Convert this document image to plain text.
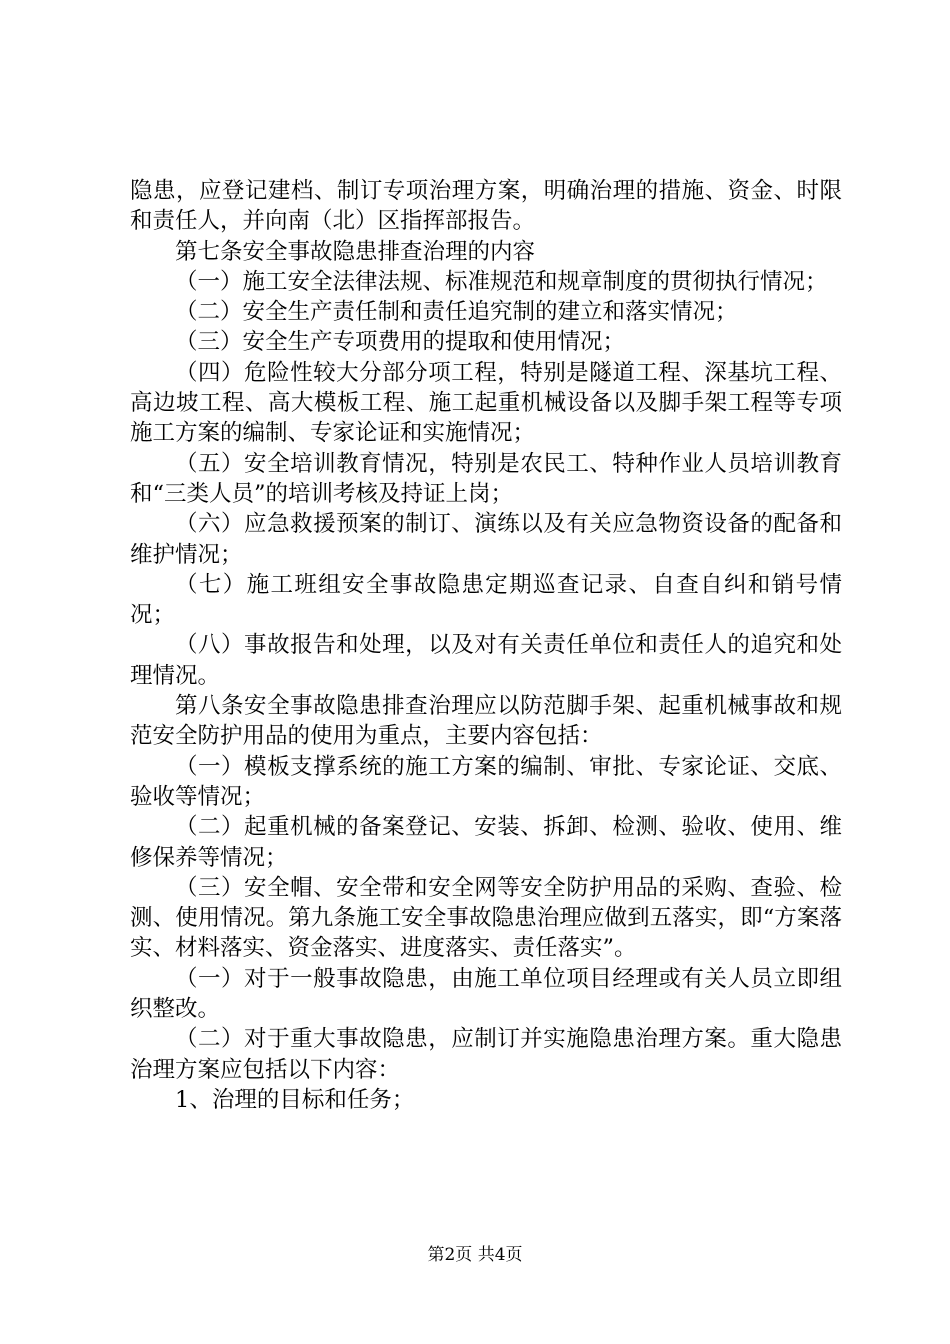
隐患，应登记建档、制订专项治理方案，明确治理的措施、资金、时限和责任人，并向南（北）区指挥部报告。

第七条安全事故隐患排查治理的内容

（一）施工安全法律法规、标准规范和规章制度的贯彻执行情况；

（二）安全生产责任制和责任追究制的建立和落实情况；

（三）安全生产专项费用的提取和使用情况；

（四）危险性较大分部分项工程，特别是隧道工程、深基坑工程、高边坡工程、高大模板工程、施工起重机械设备以及脚手架工程等专项施工方案的编制、专家论证和实施情况；

（五）安全培训教育情况，特别是农民工、特种作业人员培训教育和“三类人员”的培训考核及持证上岗；

（六）应急救援预案的制订、演练以及有关应急物资设备的配备和维护情况；

（七）施工班组安全事故隐患定期巡查记录、自查自纠和销号情况；

（八）事故报告和处理，以及对有关责任单位和责任人的追究和处理情况。

第八条安全事故隐患排查治理应以防范脚手架、起重机械事故和规范安全防护用品的使用为重点，主要内容包括：

（一）模板支撑系统的施工方案的编制、审批、专家论证、交底、验收等情况；

（二）起重机械的备案登记、安装、拆卸、检测、验收、使用、维修保养等情况；

（三）安全帽、安全带和安全网等安全防护用品的采购、查验、检测、使用情况。第九条施工安全事故隐患治理应做到五落实，即“方案落实、材料落实、资金落实、进度落实、责任落实”。

（一）对于一般事故隐患，由施工单位项目经理或有关人员立即组织整改。

（二）对于重大事故隐患，应制订并实施隐患治理方案。重大隐患治理方案应包括以下内容：

1、治理的目标和任务；

第2页 共4页
